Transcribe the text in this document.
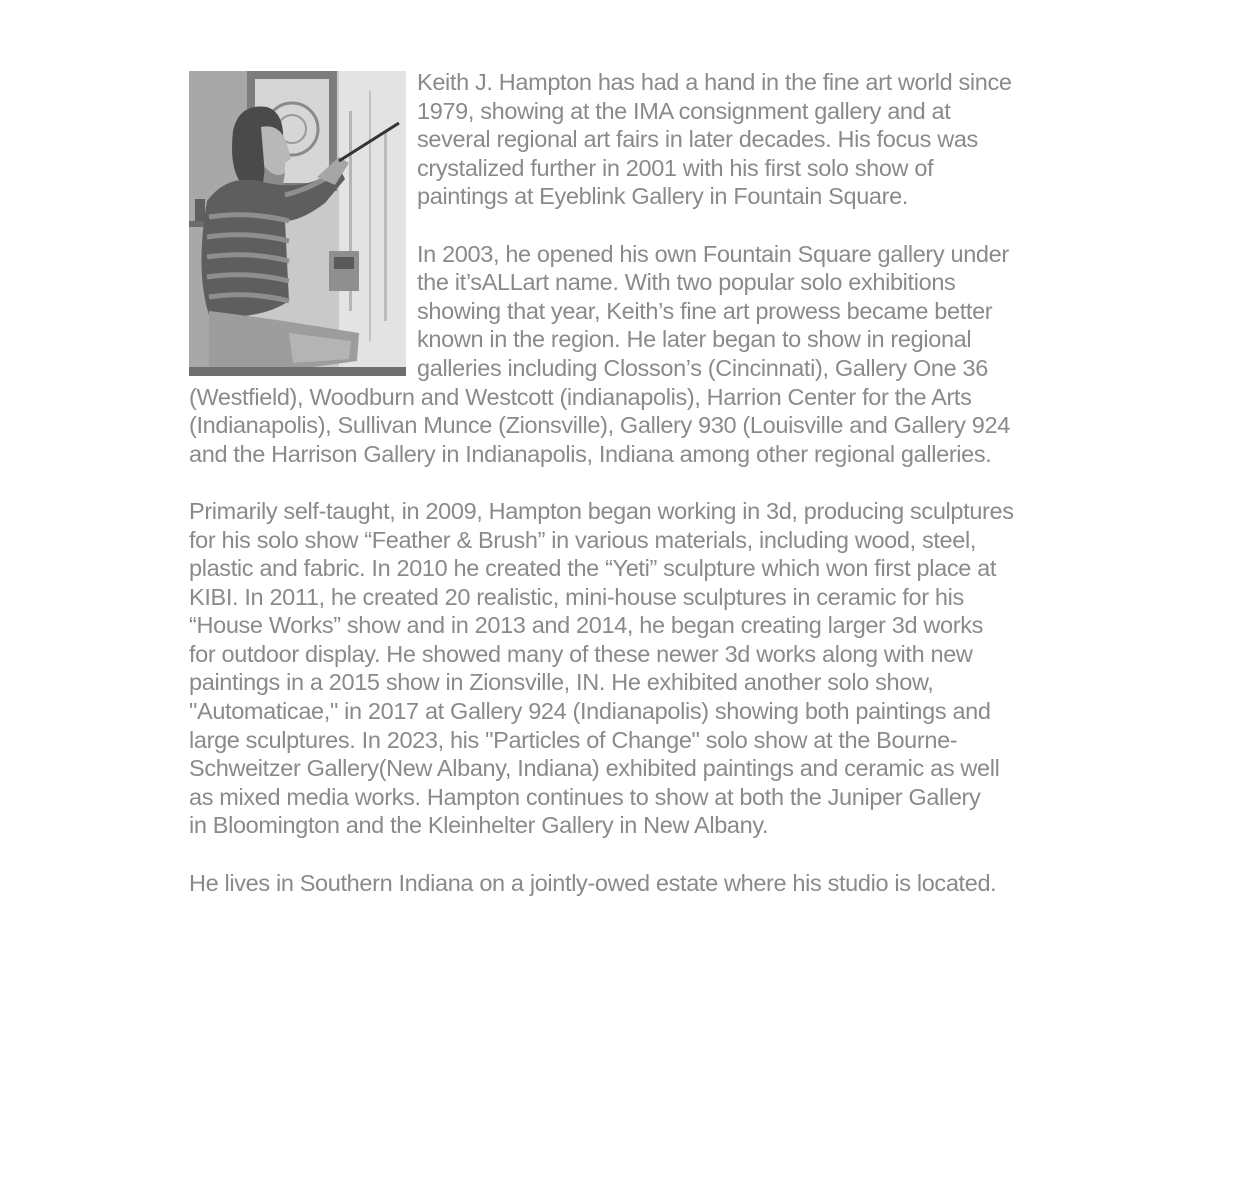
Keith J. Hampton has had a hand in the fine art world since
1979, showing at the IMA consignment gallery and at
several regional art fairs in later decades. His focus was
crystalized further in 2001 with his first solo show of
paintings at Eyeblink Gallery in Fountain Square.

In 2003, he opened his own Fountain Square gallery under
the it’sALLart name. With two popular solo exhibitions
showing that year, Keith’s fine art prowess became better
known in the region. He later began to show in regional
galleries including Closson’s (Cincinnati), Gallery One 36
(Westfield), Woodburn and Westcott (indianapolis), Harrion Center for the Arts
(Indianapolis), Sullivan Munce (Zionsville), Gallery 930 (Louisville and Gallery 924
and the Harrison Gallery in Indianapolis, Indiana among other regional galleries.

Primarily self-taught, in 2009, Hampton began working in 3d, producing sculptures
for his solo show “Feather & Brush” in various materials, including wood, steel,
plastic and fabric. In 2010 he created the “Yeti” sculpture which won first place at
KIBI. In 2011, he created 20 realistic, mini-house sculptures in ceramic for his
“House Works” show and in 2013 and 2014, he began creating larger 3d works
for outdoor display. He showed many of these newer 3d works along with new
paintings in a 2015 show in Zionsville, IN. He exhibited another solo show,
"Automaticae," in 2017 at Gallery 924 (Indianapolis) showing both paintings and
large sculptures. In 2023, his "Particles of Change" solo show at the Bourne-
Schweitzer Gallery(New Albany, Indiana) exhibited paintings and ceramic as well
as mixed media works. Hampton continues to show at both the Juniper Gallery
in Bloomington and the Kleinhelter Gallery in New Albany.

He lives in Southern Indiana on a jointly-owed estate where his studio is located.
